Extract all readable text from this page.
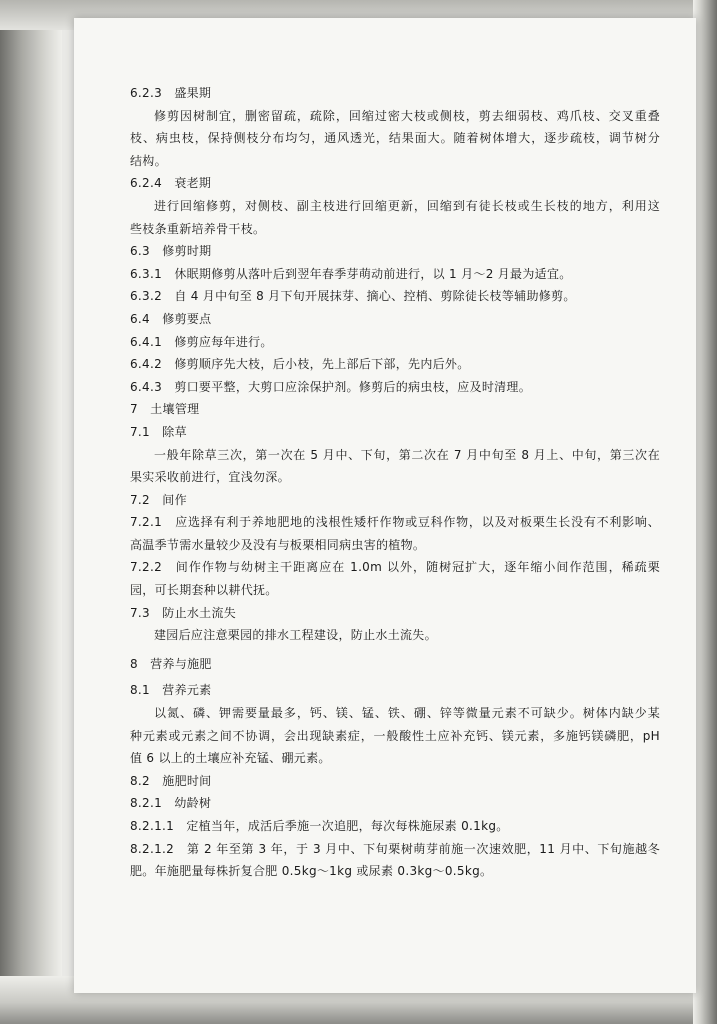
6.2.3　盛果期
修剪因树制宜，删密留疏，疏除，回缩过密大枝或侧枝，剪去细弱枝、鸡爪枝、交叉重叠
枝、病虫枝，保持侧枝分布均匀，通风透光，结果面大。随着树体增大，逐步疏枝，调节树分
结构。
6.2.4　衰老期
进行回缩修剪，对侧枝、副主枝进行回缩更新，回缩到有徒长枝或生长枝的地方，利用这
些枝条重新培养骨干枝。
6.3　修剪时期
6.3.1　休眠期修剪从落叶后到翌年春季芽萌动前进行，以 1 月～2 月最为适宜。
6.3.2　自 4 月中旬至 8 月下旬开展抹芽、摘心、控梢、剪除徒长枝等辅助修剪。
6.4　修剪要点
6.4.1　修剪应每年进行。
6.4.2　修剪顺序先大枝，后小枝，先上部后下部，先内后外。
6.4.3　剪口要平整，大剪口应涂保护剂。修剪后的病虫枝，应及时清理。
7　土壤管理
7.1　除草
一般年除草三次，第一次在 5 月中、下旬，第二次在 7 月中旬至 8 月上、中旬，第三次在
果实采收前进行，宜浅勿深。
7.2　间作
7.2.1　应选择有利于养地肥地的浅根性矮杆作物或豆科作物，以及对板栗生长没有不利影响、
高温季节需水量较少及没有与板栗相同病虫害的植物。
7.2.2　间作作物与幼树主干距离应在 1.0m 以外，随树冠扩大，逐年缩小间作范围，稀疏栗
园，可长期套种以耕代抚。
7.3　防止水土流失
建园后应注意栗园的排水工程建设，防止水土流失。
8　营养与施肥
8.1　营养元素
以氮、磷、钾需要量最多，钙、镁、锰、铁、硼、锌等微量元素不可缺少。树体内缺少某
种元素或元素之间不协调，会出现缺素症，一般酸性土应补充钙、镁元素，多施钙镁磷肥，pH
值 6 以上的土壤应补充锰、硼元素。
8.2　施肥时间
8.2.1　幼龄树
8.2.1.1　定植当年，成活后季施一次追肥，每次每株施尿素 0.1kg。
8.2.1.2　第 2 年至第 3 年，于 3 月中、下旬栗树萌芽前施一次速效肥，11 月中、下旬施越冬
肥。年施肥量每株折复合肥 0.5kg～1kg 或尿素 0.3kg～0.5kg。
